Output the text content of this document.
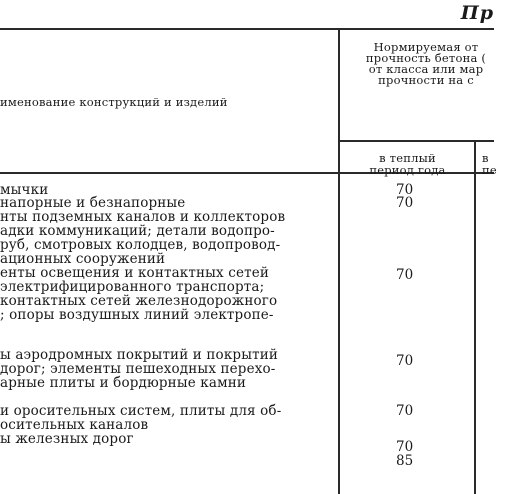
Пр
именование конструкций и изделий
Нормируемая от
прочность бетона (
от класса или мар
прочности на с
в теплый
период года
в
пе
мычки
напорные и безнапорные
нты подземных каналов и коллекторов
адки коммуникаций; детали водопро-
руб, смотровых колодцев, водопровод-
ационных сооружений
енты освещения и контактных сетей
электрифицированного транспорта;
контактных сетей железнодорожного
; опоры воздушных линий электропе-
ы аэродромных покрытий и покрытий
дорог; элементы пешеходных перехо-
арные плиты и бордюрные камни
и оросительных систем, плиты для об-
осительных каналов
ы железных дорог
70
70
70
70
70
70
85
